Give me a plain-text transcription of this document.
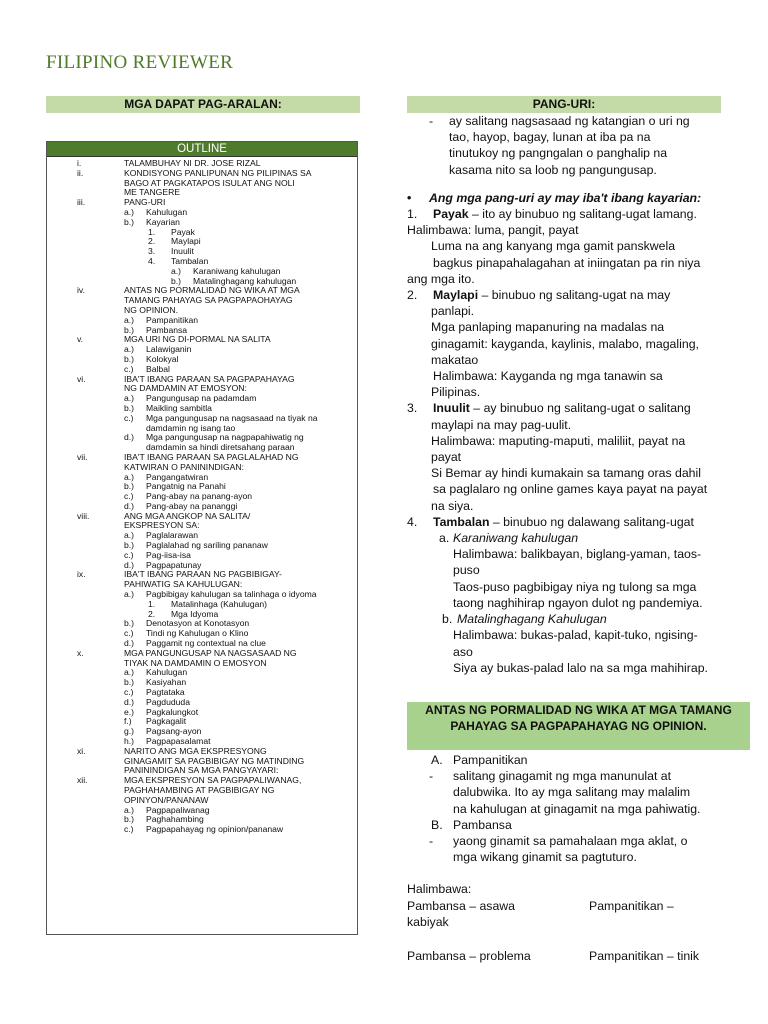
FILIPINO REVIEWER
MGA DAPAT PAG-ARALAN:
OUTLINE
i.	TALAMBUHAY NI DR. JOSE RIZAL
ii.	KONDISYONG PANLIPUNAN NG PILIPINAS SA
BAGO AT PAGKATAPOS ISULAT ANG NOLI
ME TANGERE
iii.	PANG-URI
a.) Kahulugan
b.) Kayarian
1. Payak
2. Maylapi
3. Inuulit
4. Tambalan
a.) Karaniwang kahulugan
b.) Matalinghagang kahulugan
iv.	ANTAS NG PORMALIDAD NG WIKA AT MGA
TAMANG PAHAYAG SA PAGPAPAOHAYAG
NG OPINION.
a.) Pampanitikan
b.) Pambansa
v.	MGA URI NG DI-PORMAL NA SALITA
a.) Lalawiganin
b.) Kolokyal
c.) Balbal
vi.	IBA'T IBANG PARAAN SA PAGPAPAHAYAG
NG DAMDAMIN AT EMOSYON:
a.) Pangungusap na padamdam
b.) Maikling sambitla
c.) Mga pangungusap na nagsasaad na tiyak na
damdamin ng isang tao
d.) Mga pangungusap na nagpapahiwatig ng
damdamin sa hindi diretsahang paraan
vii.	IBA'T IBANG PARAAN SA PAGLALAHAD NG
KATWIRAN O PANININDIGAN:
a.) Pangangatwiran
b.) Pangatnig na Panahi
c.) Pang-abay na panang-ayon
d.) Pang-abay na pananggi
viii.	ANG MGA ANGKOP NA SALITA/
EKSPRESYON SA:
a.) Paglalarawan
b.) Paglalahad ng sariling pananaw
c.) Pag-iisa-isa
d.) Pagpapatunay
ix.	IBA'T IBANG PARAAN NG PAGBIBIGAY-
PAHIWATIG SA KAHULUGAN:
a.) Pagbibigay kahulugan sa talinhaga o idyoma
1. Matalinhaga (Kahulugan)
2. Mga Idyoma
b.) Denotasyon at Konotasyon
c.) Tindi ng Kahulugan o Klino
d.) Paggamit ng contextual na clue
x.	MGA PANGUNGUSAP NA NAGSASAAD NG
TIYAK NA DAMDAMIN O EMOSYON
a.) Kahulugan
b.) Kasiyahan
c.) Pagtataka
d.) Pagdududa
e.) Pagkalungkot
f.) Pagkagalit
g.) Pagsang-ayon
h.) Pagpapasalamat
xi.	NARITO ANG MGA EKSPRESYONG
GINAGAMIT SA PAGBIBIGAY NG MATINDING
PANININDIGAN SA MGA PANGYAYARI:
xii.	MGA EKSPRESYON SA PAGPAPALIWANAG,
PAGHAHAMBING AT PAGBIBIGAY NG
OPINYON/PANANAW
a.) Pagpapaliwanag
b.) Paghahambing
c.) Pagpapahayag ng opinion/pananaw
PANG-URI:
- ay salitang nagsasaad ng katangian o uri ng
tao, hayop, bagay, lunan at iba pa na
tinutukoy ng pangngalan o panghalip na
kasama nito sa loob ng pangungusap.
• Ang mga pang-uri ay may iba't ibang kayarian:
1. Payak – ito ay binubuo ng salitang-ugat lamang.
Halimbawa: luma, pangit, payat
Luma na ang kanyang mga gamit panskwela
bagkus pinapahalagahan at iniingatan pa rin niya
ang mga ito.
2. Maylapi – binubuo ng salitang-ugat na may
panlapi.
Mga panlaping mapanuring na madalas na
ginagamit: kayganda, kaylinis, malabo, magaling,
makatao
Halimbawa: Kayganda ng mga tanawin sa
Pilipinas.
3. Inuulit – ay binubuo ng salitang-ugat o salitang
maylapi na may pag-uulit.
Halimbawa: maputing-maputi, maliliit, payat na
payat
Si Bemar ay hindi kumakain sa tamang oras dahil
sa paglalaro ng online games kaya payat na payat
na siya.
4. Tambalan – binubuo ng dalawang salitang-ugat
a. Karaniwang kahulugan
Halimbawa: balikbayan, biglang-yaman, taos-
puso
Taos-puso pagbibigay niya ng tulong sa mga
taong naghihirap ngayon dulot ng pandemiya.
b. Matalinghagang Kahulugan
Halimbawa: bukas-palad, kapit-tuko, ngising-
aso
Siya ay bukas-palad lalo na sa mga mahihirap.
ANTAS NG PORMALIDAD NG WIKA AT MGA TAMANG PAHAYAG SA PAGPAPAHAYAG NG OPINION.
A. Pampanitikan
- salitang ginagamit ng mga manunulat at
dalubwika. Ito ay mga salitang may malalim
na kahulugan at ginagamit na mga pahiwatig.
B. Pambansa
- yaong ginamit sa pamahalaan mga aklat, o
mga wikang ginamit sa pagtuturo.
Halimbawa:
Pambansa – asawa	Pampanitikan –
kabiyak
Pambansa – problema	Pampanitikan – tinik
